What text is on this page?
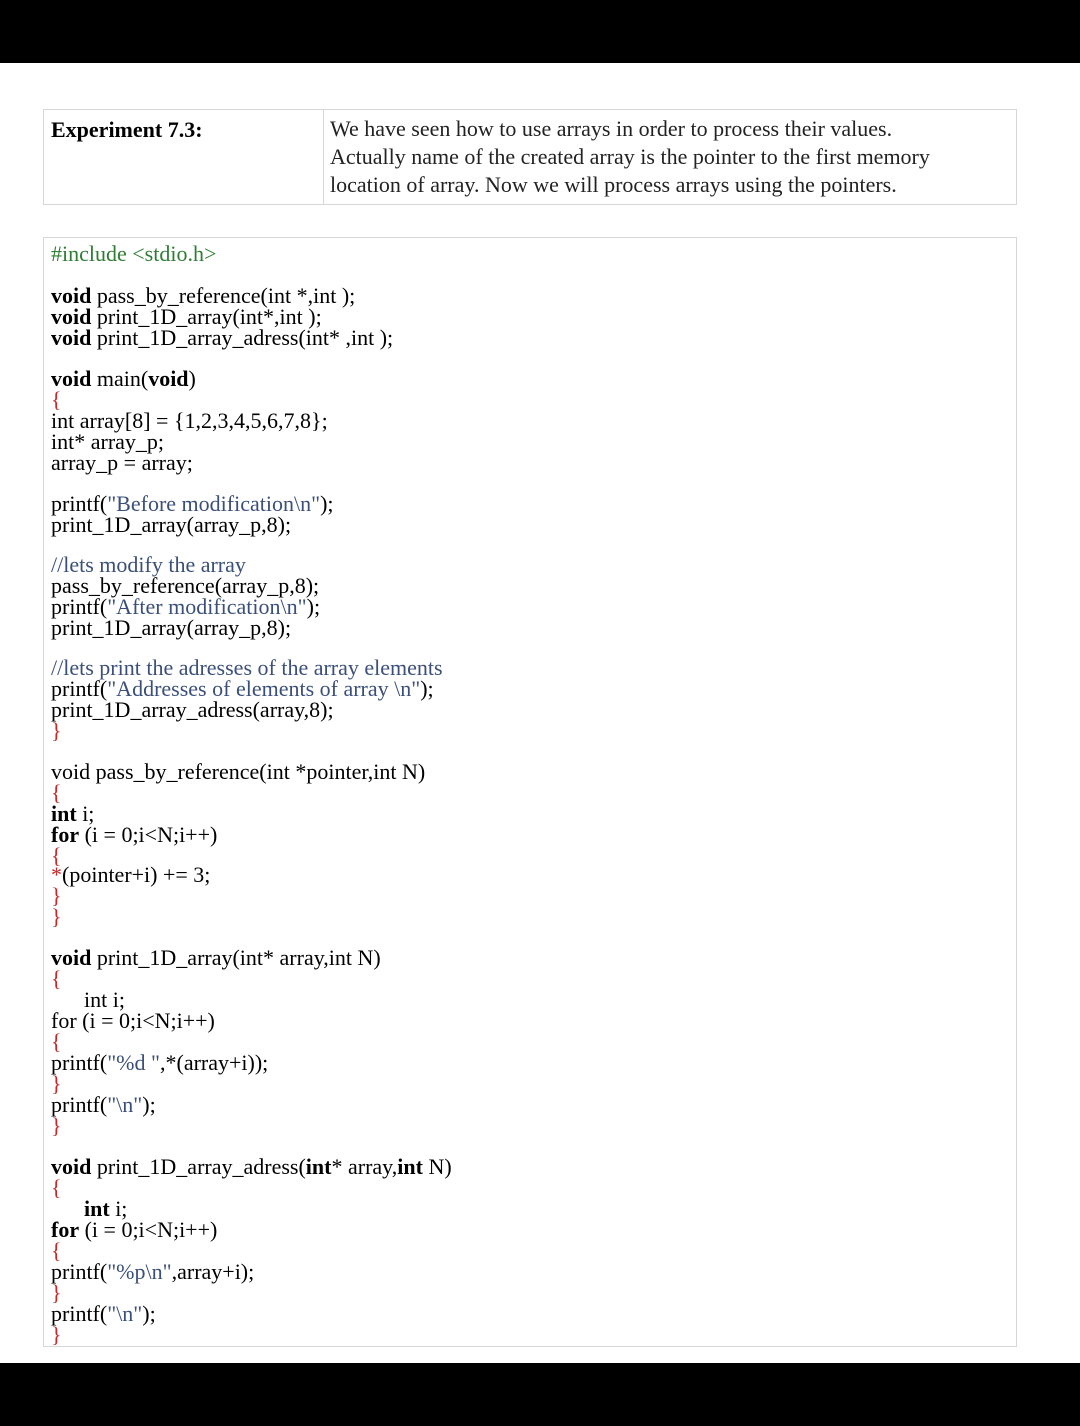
Experiment 7.3:	We have seen how to use arrays in order to process their values.
Actually name of the created array is the pointer to the first memory
location of array. Now we will process arrays using the pointers.
#include <stdio.h>
void pass_by_reference(int *,int );
void print_1D_array(int*,int );
void print_1D_array_adress(int* ,int );
void main(void)
{
int array[8] = {1,2,3,4,5,6,7,8};
int* array_p;
array_p = array;
printf("Before modification\n");
print_1D_array(array_p,8);
//lets modify the array
pass_by_reference(array_p,8);
printf("After modification\n");
print_1D_array(array_p,8);
//lets print the adresses of the array elements
printf("Addresses of elements of array \n");
print_1D_array_adress(array,8);
}
void pass_by_reference(int *pointer,int N)
{
int i;
for (i = 0;i<N;i++)
{
*(pointer+i) += 3;
}
}
void print_1D_array(int* array,int N)
{
int i;
for (i = 0;i<N;i++)
{
printf("%d ",*(array+i));
}
printf("\n");
}
void print_1D_array_adress(int* array,int N)
{
int i;
for (i = 0;i<N;i++)
{
printf("%p\n",array+i);
}
printf("\n");
}
